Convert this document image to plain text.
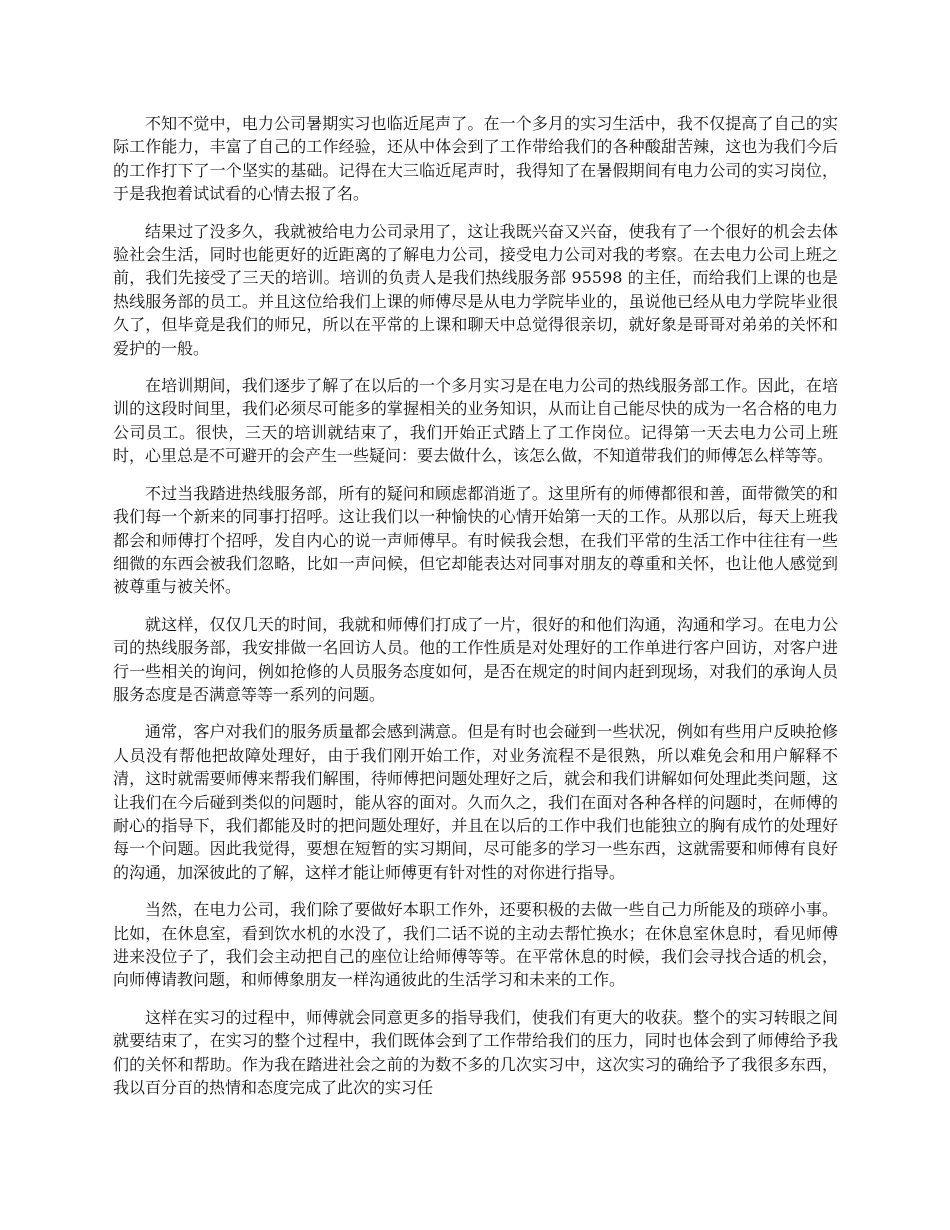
不知不觉中，电力公司暑期实习也临近尾声了。在一个多月的实习生活中，我不仅提高了自己的实际工作能力，丰富了自己的工作经验，还从中体会到了工作带给我们的各种酸甜苦辣，这也为我们今后的工作打下了一个坚实的基础。记得在大三临近尾声时，我得知了在暑假期间有电力公司的实习岗位，于是我抱着试试看的心情去报了名。

结果过了没多久，我就被给电力公司录用了，这让我既兴奋又兴奋，使我有了一个很好的机会去体验社会生活，同时也能更好的近距离的了解电力公司，接受电力公司对我的考察。在去电力公司上班之前，我们先接受了三天的培训。培训的负责人是我们热线服务部 95598 的主任，而给我们上课的也是热线服务部的员工。并且这位给我们上课的师傅尽是从电力学院毕业的，虽说他已经从电力学院毕业很久了，但毕竟是我们的师兄，所以在平常的上课和聊天中总觉得很亲切，就好象是哥哥对弟弟的关怀和爱护的一般。

在培训期间，我们逐步了解了在以后的一个多月实习是在电力公司的热线服务部工作。因此，在培训的这段时间里，我们必须尽可能多的掌握相关的业务知识，从而让自己能尽快的成为一名合格的电力公司员工。很快，三天的培训就结束了，我们开始正式踏上了工作岗位。记得第一天去电力公司上班时，心里总是不可避开的会产生一些疑问：要去做什么，该怎么做，不知道带我们的师傅怎么样等等。

不过当我踏进热线服务部，所有的疑问和顾虑都消逝了。这里所有的师傅都很和善，面带微笑的和我们每一个新来的同事打招呼。这让我们以一种愉快的心情开始第一天的工作。从那以后，每天上班我都会和师傅打个招呼，发自内心的说一声师傅早。有时候我会想，在我们平常的生活工作中往往有一些细微的东西会被我们忽略，比如一声问候，但它却能表达对同事对朋友的尊重和关怀，也让他人感觉到被尊重与被关怀。

就这样，仅仅几天的时间，我就和师傅们打成了一片，很好的和他们沟通，沟通和学习。在电力公司的热线服务部，我安排做一名回访人员。他的工作性质是对处理好的工作单进行客户回访，对客户进行一些相关的询问，例如抢修的人员服务态度如何，是否在规定的时间内赶到现场，对我们的承询人员服务态度是否满意等等一系列的问题。

通常，客户对我们的服务质量都会感到满意。但是有时也会碰到一些状况，例如有些用户反映抢修人员没有帮他把故障处理好，由于我们刚开始工作，对业务流程不是很熟，所以难免会和用户解释不清，这时就需要师傅来帮我们解围，待师傅把问题处理好之后，就会和我们讲解如何处理此类问题，这让我们在今后碰到类似的问题时，能从容的面对。久而久之，我们在面对各种各样的问题时，在师傅的耐心的指导下，我们都能及时的把问题处理好，并且在以后的工作中我们也能独立的胸有成竹的处理好每一个问题。因此我觉得，要想在短暂的实习期间，尽可能多的学习一些东西，这就需要和师傅有良好的沟通，加深彼此的了解，这样才能让师傅更有针对性的对你进行指导。

当然，在电力公司，我们除了要做好本职工作外，还要积极的去做一些自己力所能及的琐碎小事。比如，在休息室，看到饮水机的水没了，我们二话不说的主动去帮忙换水；在休息室休息时，看见师傅进来没位子了，我们会主动把自己的座位让给师傅等等。在平常休息的时候，我们会寻找合适的机会，向师傅请教问题，和师傅象朋友一样沟通彼此的生活学习和未来的工作。

这样在实习的过程中，师傅就会同意更多的指导我们，使我们有更大的收获。整个的实习转眼之间就要结束了，在实习的整个过程中，我们既体会到了工作带给我们的压力，同时也体会到了师傅给予我们的关怀和帮助。作为我在踏进社会之前的为数不多的几次实习中，这次实习的确给予了我很多东西，我以百分百的热情和态度完成了此次的实习任
